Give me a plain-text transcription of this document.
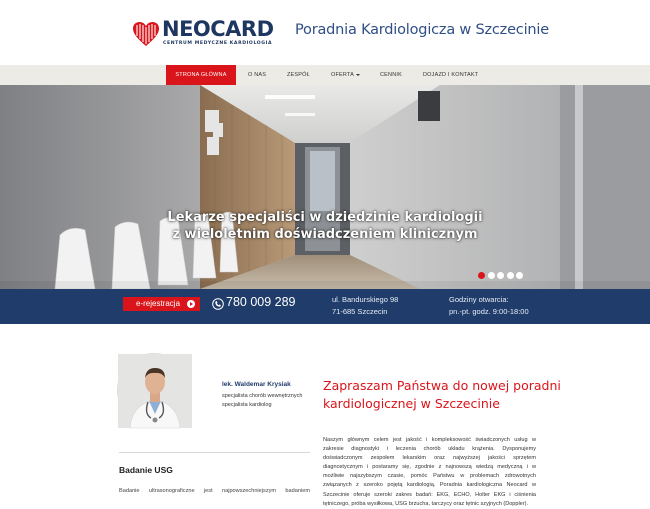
NEOCARD
CENTRUM MEDYCZNE KARDIOLOGIA
Poradnia Kardiologicza w Szczecinie
STRONA GŁÓWNA	O NAS	ZESPÓŁ	OFERTA	CENNIK	DOJAZD I KONTAKT
Lekarze specjaliści w dziedzinie kardiologii
z wieloletnim doświadczeniem klinicznym
e-rejestracja	780 009 289	ul. Bandurskiego 98
71-685 Szczecin
Godziny otwarcia:
pn.-pt. godz. 9:00-18:00
lek. Waldemar Krysiak
specjalista chorób wewnętrznych
specjalista kardiolog
Badanie USG
Badanie ultrasonograficzne jest najpowszechniejszym badaniem
Zapraszam Państwa do nowej poradni
kardiologicznej w Szczecinie
Naszym głównym celem jest jakość i kompleksowość świadczonych usług w
zakresie diagnostyki i leczenia chorób układu krążenia. Dysponujemy
doświadczonym zespołem lekarskim oraz najwyższej jakości sprzętem
diagnostycznym i postaramy się, zgodnie z najnowszą wiedzą medyczną i w
możliwie najszybszym czasie, pomóc Państwu w problemach zdrowotnych
związanych z szeroko pojętą kardiologią. Poradnia kardiologiczna Neocard w
Szczecinie oferuje szeroki zakres badań: EKG, ECHO, Holter EKG i ciśnienia
tętniczego, próba wysiłkowa, USG brzucha, tarczycy oraz tętnic szyjnych (Doppler).
